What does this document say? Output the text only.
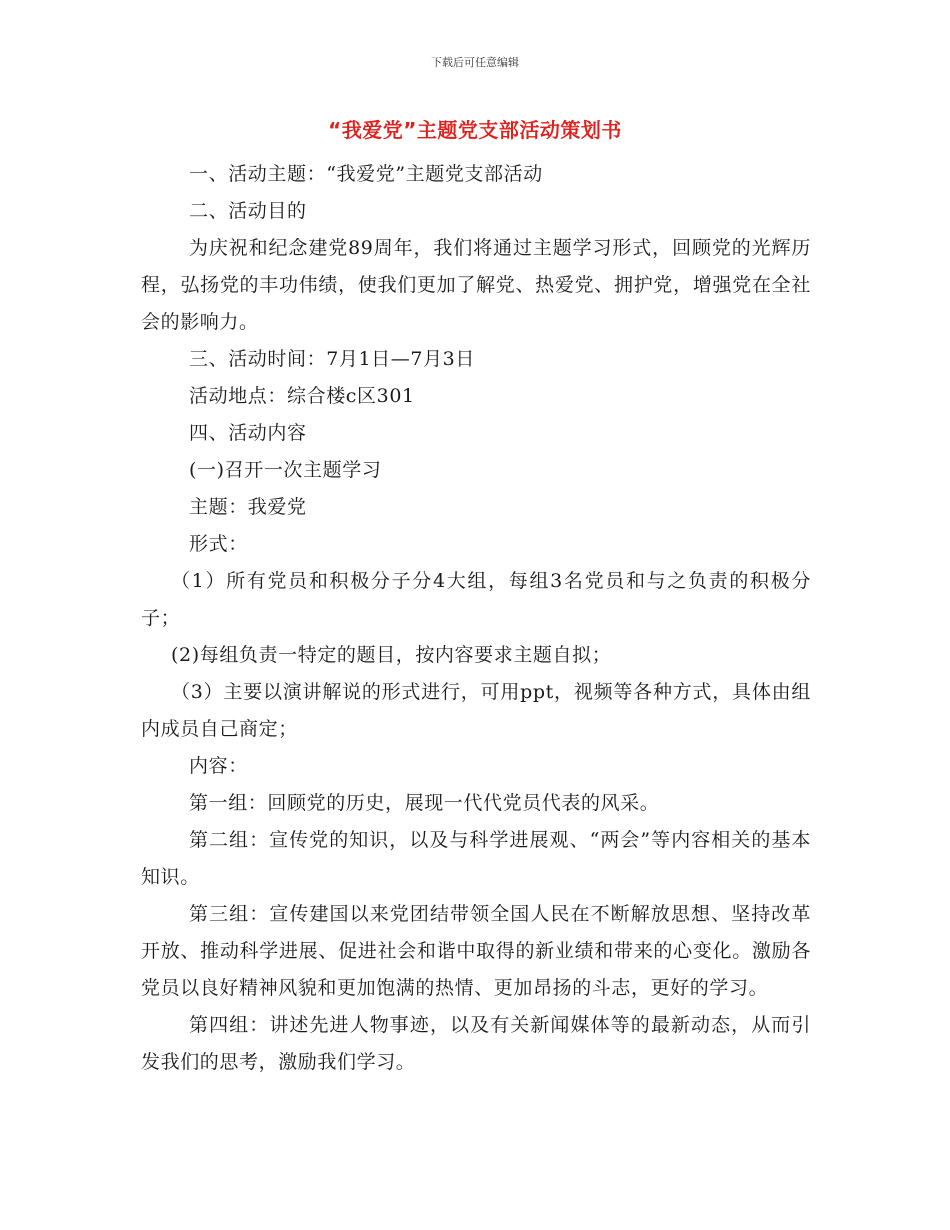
下载后可任意编辑
“我爱党”主题党支部活动策划书

一、活动主题：“我爱党”主题党支部活动

二、活动目的

为庆祝和纪念建党89周年，我们将通过主题学习形式，回顾党的光辉历程，弘扬党的丰功伟绩，使我们更加了解党、热爱党、拥护党，增强党在全社会的影响力。

三、活动时间：7月1日—7月3日

活动地点：综合楼c区301

四、活动内容

(一)召开一次主题学习

主题：我爱党

形式：

（1）所有党员和积极分子分4大组，每组3名党员和与之负责的积极分子；

(2)每组负责一特定的题目，按内容要求主题自拟；

（3）主要以演讲解说的形式进行，可用ppt，视频等各种方式，具体由组内成员自己商定；

内容：

第一组：回顾党的历史，展现一代代党员代表的风采。

第二组：宣传党的知识，以及与科学进展观、“两会”等内容相关的基本知识。

第三组：宣传建国以来党团结带领全国人民在不断解放思想、坚持改革开放、推动科学进展、促进社会和谐中取得的新业绩和带来的心变化。激励各党员以良好精神风貌和更加饱满的热情、更加昂扬的斗志，更好的学习。

第四组：讲述先进人物事迹，以及有关新闻媒体等的最新动态，从而引发我们的思考，激励我们学习。
